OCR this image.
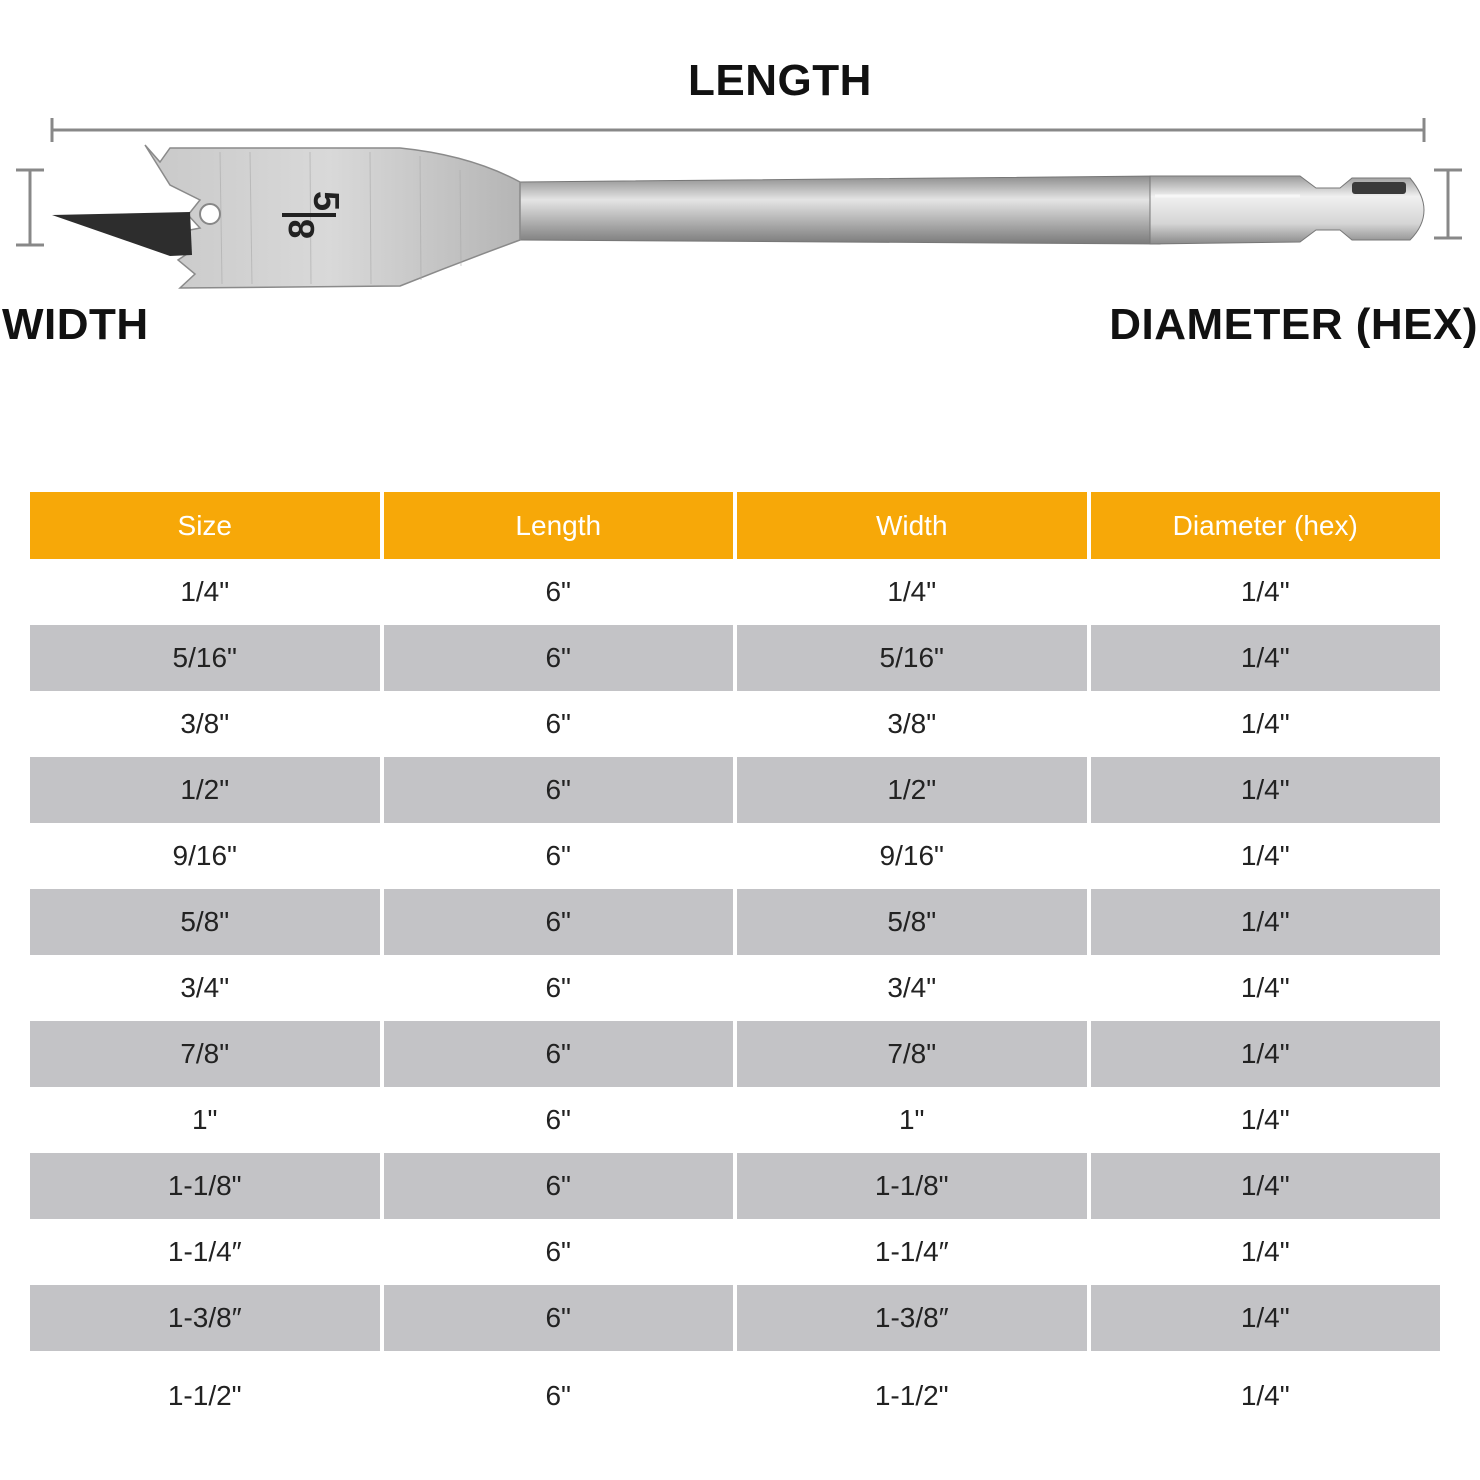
LENGTH
WIDTH	DIAMETER (HEX)
5
8
Size	Length	Width	Diameter (hex)
1/4"	6"	1/4"	1/4"
5/16"	6"	5/16"	1/4"
3/8"	6"	3/8"	1/4"
1/2"	6"	1/2"	1/4"
9/16"	6"	9/16"	1/4"
5/8"	6"	5/8"	1/4"
3/4"	6"	3/4"	1/4"
7/8"	6"	7/8"	1/4"
1"	6"	1"	1/4"
1-1/8"	6"	1-1/8"	1/4"
1-1/4″	6"	1-1/4″	1/4"
1-3/8″	6"	1-3/8″	1/4"
1-1/2"	6"	1-1/2"	1/4"
